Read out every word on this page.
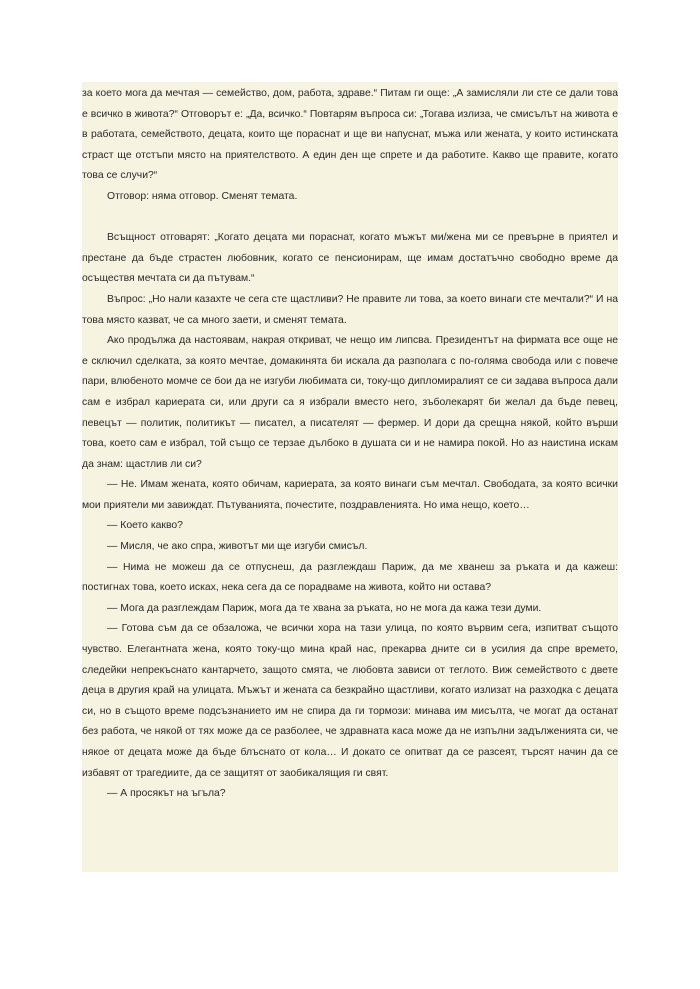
за което мога да мечтая — семейство, дом, работа, здраве.“ Питам ги още: „А замисляли ли сте се дали това е всичко в живота?“ Отговорът е: „Да, всичко.“ Повтарям въпроса си: „Тогава излиза, че смисълът на живота е в работата, семейството, децата, които ще пораснат и ще ви напуснат, мъжа или жената, у които истинската страст ще отстъпи място на приятелството. А един ден ще спрете и да работите. Какво ще правите, когато това се случи?“

Отговор: няма отговор. Сменят темата.

Всъщност отговарят: „Когато децата ми пораснат, когато мъжът ми/жена ми се превърне в приятел и престане да бъде страстен любовник, когато се пенсионирам, ще имам достатъчно свободно време да осъществя мечтата си да пътувам.“

Въпрос: „Но нали казахте че сега сте щастливи? Не правите ли това, за което винаги сте мечтали?“ И на това място казват, че са много заети, и сменят темата.

Ако продължа да настоявам, накрая откриват, че нещо им липсва. Президентът на фирмата все още не е сключил сделката, за която мечтае, домакинята би искала да разполага с по-голяма свобода или с повече пари, влюбеното момче се бои да не изгуби любимата си, току-що дипломиралият се си задава въпроса дали сам е избрал кариерата си, или други са я избрали вместо него, зъболекарят би желал да бъде певец, певецът — политик, политикът — писател, а писателят — фермер. И дори да срещна някой, който върши това, което сам е избрал, той също се терзае дълбоко в душата си и не намира покой. Но аз наистина искам да знам: щастлив ли си?

— Не. Имам жената, която обичам, кариерата, за която винаги съм мечтал. Свободата, за която всички мои приятели ми завиждат. Пътуванията, почестите, поздравленията. Но има нещо, което…

— Което какво?

— Мисля, че ако спра, животът ми ще изгуби смисъл.

— Нима не можеш да се отпуснеш, да разглеждаш Париж, да ме хванеш за ръката и да кажеш: постигнах това, което исках, нека сега да се порадваме на живота, който ни остава?

— Мога да разглеждам Париж, мога да те хвана за ръката, но не мога да кажа тези думи.

— Готова съм да се обзаложа, че всички хора на тази улица, по която вървим сега, изпитват същото чувство. Елегантната жена, която току-що мина край нас, прекарва дните си в усилия да спре времето, следейки непрекъснато кантарчето, защото смята, че любовта зависи от теглото. Виж семейството с двете деца в другия край на улицата. Мъжът и жената са безкрайно щастливи, когато излизат на разходка с децата си, но в същото време подсъзнанието им не спира да ги тормози: минава им мисълта, че могат да останат без работа, че някой от тях може да се разболее, че здравната каса може да не изпълни задълженията си, че някое от децата може да бъде блъснато от кола… И докато се опитват да се разсеят, търсят начин да се избавят от трагедиите, да се защитят от заобикалящия ги свят.

— А просякът на ъгъла?
